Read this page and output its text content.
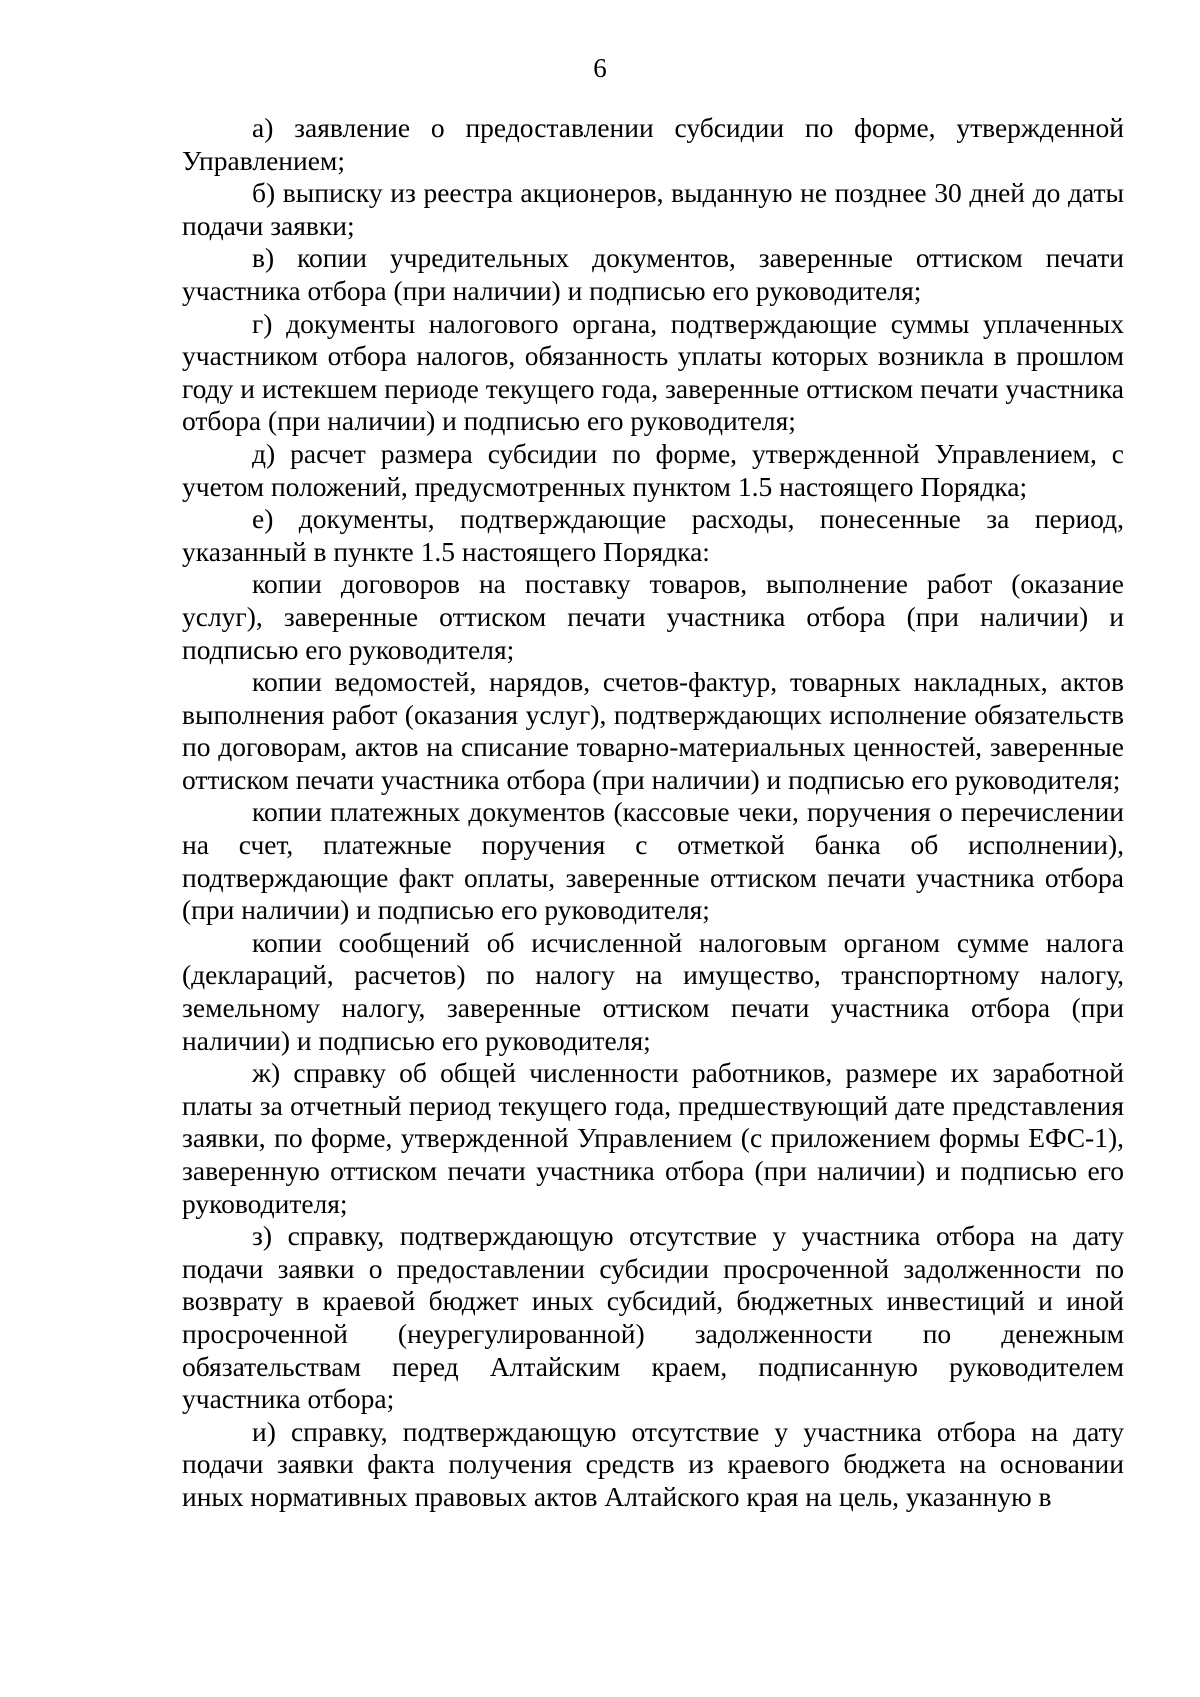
6

а) заявление о предоставлении субсидии по форме, утвержденной Управлением;

б) выписку из реестра акционеров, выданную не позднее 30 дней до даты подачи заявки;

в) копии учредительных документов, заверенные оттиском печати участника отбора (при наличии) и подписью его руководителя;

г) документы налогового органа, подтверждающие суммы уплаченных участником отбора налогов, обязанность уплаты которых возникла в прошлом году и истекшем периоде текущего года, заверенные оттиском печати участника отбора (при наличии) и подписью его руководителя;

д) расчет размера субсидии по форме, утвержденной Управлением, с учетом положений, предусмотренных пунктом 1.5 настоящего Порядка;

е) документы, подтверждающие расходы, понесенные за период, указанный в пункте 1.5 настоящего Порядка:

копии договоров на поставку товаров, выполнение работ (оказание услуг), заверенные оттиском печати участника отбора (при наличии) и подписью его руководителя;

копии ведомостей, нарядов, счетов-фактур, товарных накладных, актов выполнения работ (оказания услуг), подтверждающих исполнение обязательств по договорам, актов на списание товарно-материальных ценностей, заверенные оттиском печати участника отбора (при наличии) и подписью его руководителя;

копии платежных документов (кассовые чеки, поручения о перечислении на счет, платежные поручения с отметкой банка об исполнении), подтверждающие факт оплаты, заверенные оттиском печати участника отбора (при наличии) и подписью его руководителя;

копии сообщений об исчисленной налоговым органом сумме налога (деклараций, расчетов) по налогу на имущество, транспортному налогу, земельному налогу, заверенные оттиском печати участника отбора (при наличии) и подписью его руководителя;

ж) справку об общей численности работников, размере их заработной платы за отчетный период текущего года, предшествующий дате представления заявки, по форме, утвержденной Управлением (с приложением формы ЕФС-1), заверенную оттиском печати участника отбора (при наличии) и подписью его руководителя;

з) справку, подтверждающую отсутствие у участника отбора на дату подачи заявки о предоставлении субсидии просроченной задолженности по возврату в краевой бюджет иных субсидий, бюджетных инвестиций и иной просроченной (неурегулированной) задолженности по денежным обязательствам перед Алтайским краем, подписанную руководителем участника отбора;

и) справку, подтверждающую отсутствие у участника отбора на дату подачи заявки факта получения средств из краевого бюджета на основании иных нормативных правовых актов Алтайского края на цель, указанную в
